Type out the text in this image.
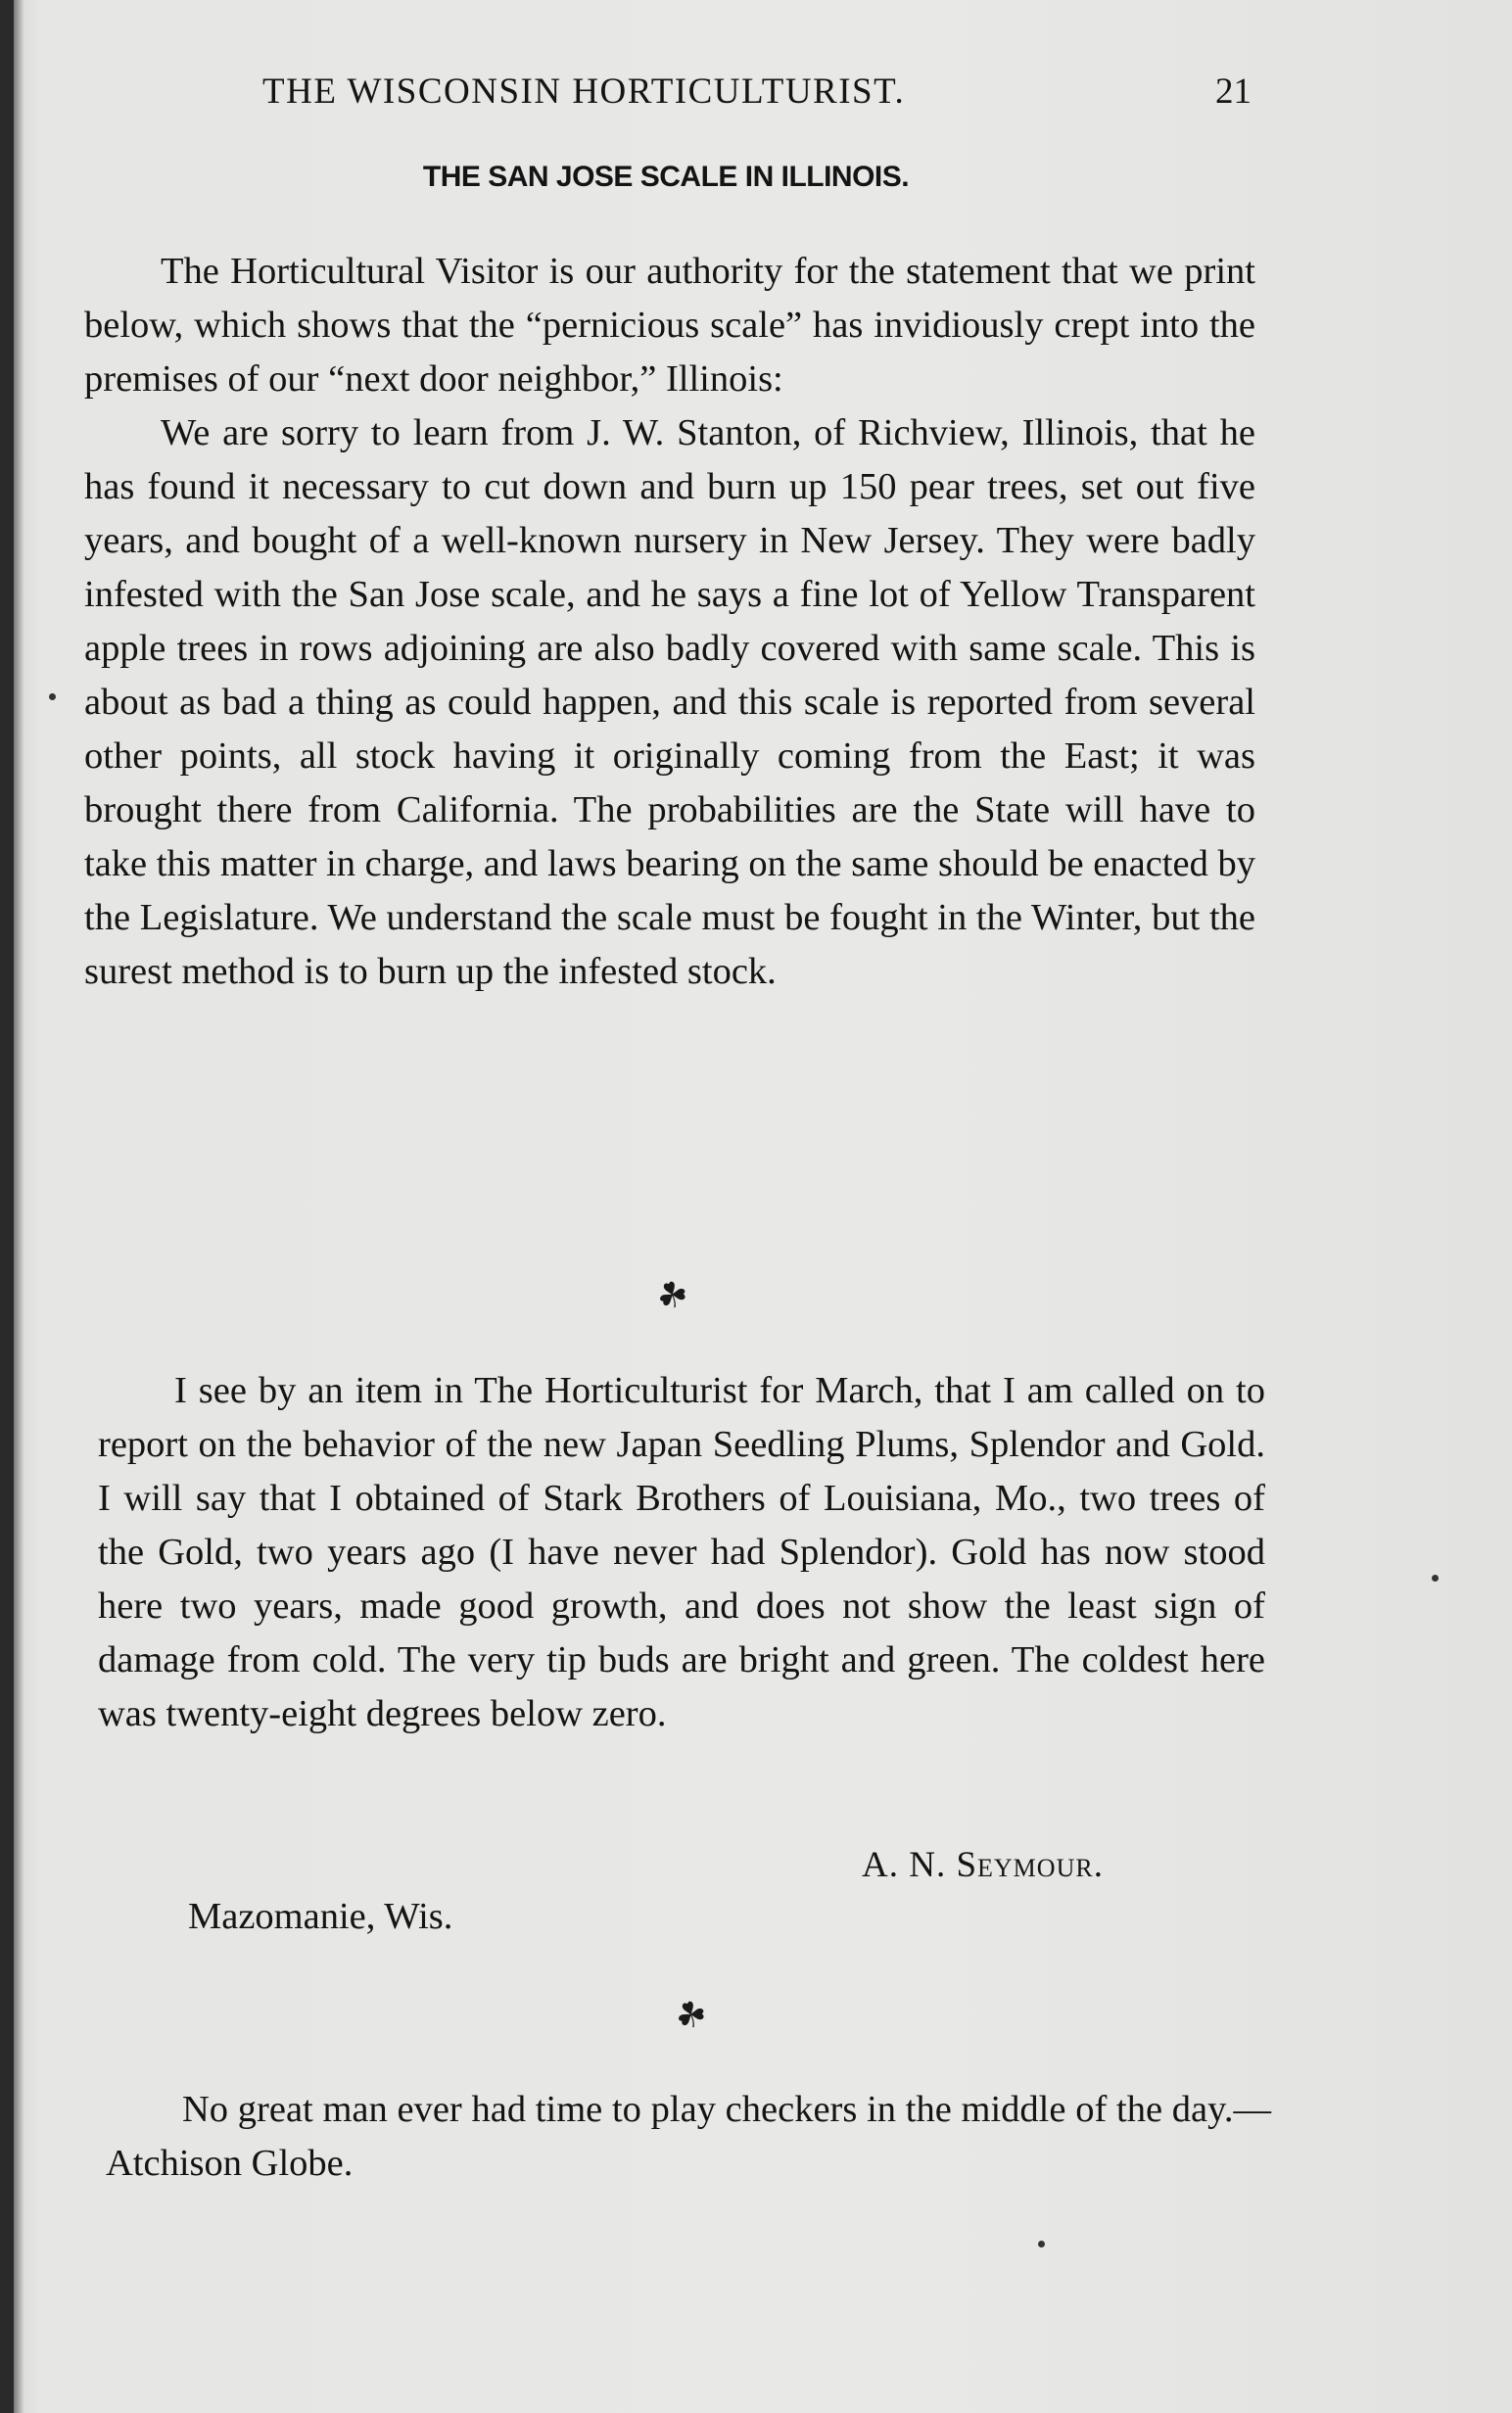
THE WISCONSIN HORTICULTURIST.	21
THE SAN JOSE SCALE IN ILLINOIS.

The Horticultural Visitor is our authority for the statement that we print below, which shows that the “pernicious scale” has invidiously crept into the premises of our “next door neighbor,” Illinois:

We are sorry to learn from J. W. Stanton, of Richview, Illinois, that he has found it necessary to cut down and burn up 150 pear trees, set out five years, and bought of a well-known nursery in New Jersey. They were badly infested with the San Jose scale, and he says a fine lot of Yellow Transparent apple trees in rows adjoining are also badly covered with same scale. This is about as bad a thing as could happen, and this scale is reported from several other points, all stock having it originally coming from the East; it was brought there from California. The probabilities are the State will have to take this matter in charge, and laws bearing on the same should be enacted by the Legislature. We understand the scale must be fought in the Winter, but the surest method is to burn up the infested stock.

☘

I see by an item in The Horticulturist for March, that I am called on to report on the behavior of the new Japan Seedling Plums, Splendor and Gold. I will say that I obtained of Stark Brothers of Louisiana, Mo., two trees of the Gold, two years ago (I have never had Splendor). Gold has now stood here two years, made good growth, and does not show the least sign of damage from cold. The very tip buds are bright and green. The coldest here was twenty-eight degrees below zero.

A. N. Seymour.
Mazomanie, Wis.
☘

No great man ever had time to play checkers in the middle of the day.—Atchison Globe.
